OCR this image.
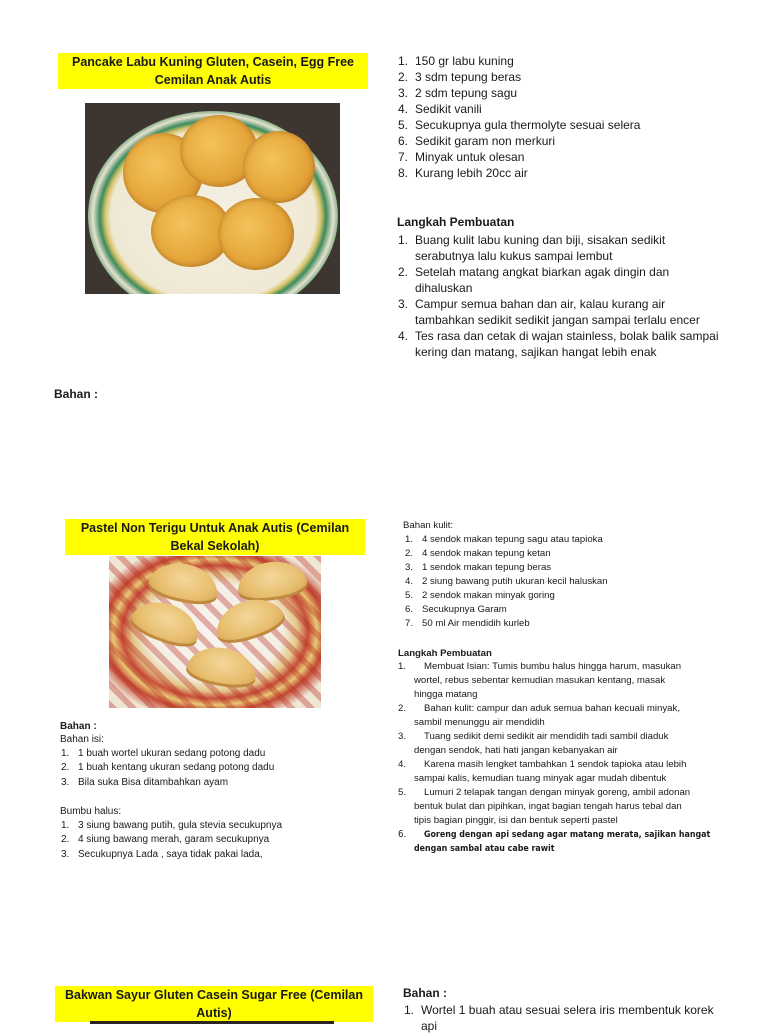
Pancake Labu Kuning Gluten, Casein, Egg Free
Cemilan Anak Autis
1. 150 gr labu kuning
2. 3 sdm tepung beras
3. 2 sdm tepung sagu
4. Sedikit vanili
5. Secukupnya gula thermolyte sesuai selera
6. Sedikit garam non merkuri
7. Minyak untuk olesan
8. Kurang lebih 20cc air
Langkah Pembuatan
1. Buang kulit labu kuning dan biji, sisakan sedikit
serabutnya lalu kukus sampai lembut
2. Setelah matang angkat biarkan agak dingin dan
dihaluskan
3. Campur semua bahan dan air, kalau kurang air
tambahkan sedikit sedikit jangan sampai terlalu encer
4. Tes rasa dan cetak di wajan stainless, bolak balik sampai
kering dan matang, sajikan hangat lebih enak
Bahan :
Pastel Non Terigu Untuk Anak Autis (Cemilan
Bekal Sekolah)
Bahan :
Bahan isi:
1. 1 buah wortel ukuran sedang potong dadu
2. 1 buah kentang ukuran sedang potong dadu
3. Bila suka Bisa ditambahkan ayam
Bumbu halus:
1. 3 siung bawang putih, gula stevia secukupnya
2. 4 siung bawang merah, garam secukupnya
3. Secukupnya Lada , saya tidak pakai lada,
Bahan kulit:
1. 4 sendok makan tepung sagu atau tapioka
2. 4 sendok makan tepung ketan
3. 1 sendok makan tepung beras
4. 2 siung bawang putih ukuran kecil haluskan
5. 2 sendok makan minyak goring
6. Secukupnya Garam
7. 50 ml Air mendidih kurleb
Langkah Pembuatan
1. Membuat Isian: Tumis bumbu halus hingga harum, masukan
wortel, rebus sebentar kemudian masukan kentang, masak
hingga matang
2. Bahan kulit: campur dan aduk semua bahan kecuali minyak,
sambil menunggu air mendidih
3. Tuang sedikit demi sedikit air mendidih tadi sambil diaduk
dengan sendok, hati hati jangan kebanyakan air
4. Karena masih lengket tambahkan 1 sendok tapioka atau lebih
sampai kalis, kemudian tuang minyak agar mudah dibentuk
5. Lumuri 2 telapak tangan dengan minyak goreng, ambil adonan
bentuk bulat dan pipihkan, ingat bagian tengah harus tebal dan
tipis bagian pinggir, isi dan bentuk seperti pastel
6. Goreng dengan api sedang agar matang merata, sajikan hangat
dengan sambal atau cabe rawit
Bakwan Sayur Gluten Casein Sugar Free (Cemilan
Autis)
Bahan :
1. Wortel 1 buah atau sesuai selera iris membentuk korek
api
